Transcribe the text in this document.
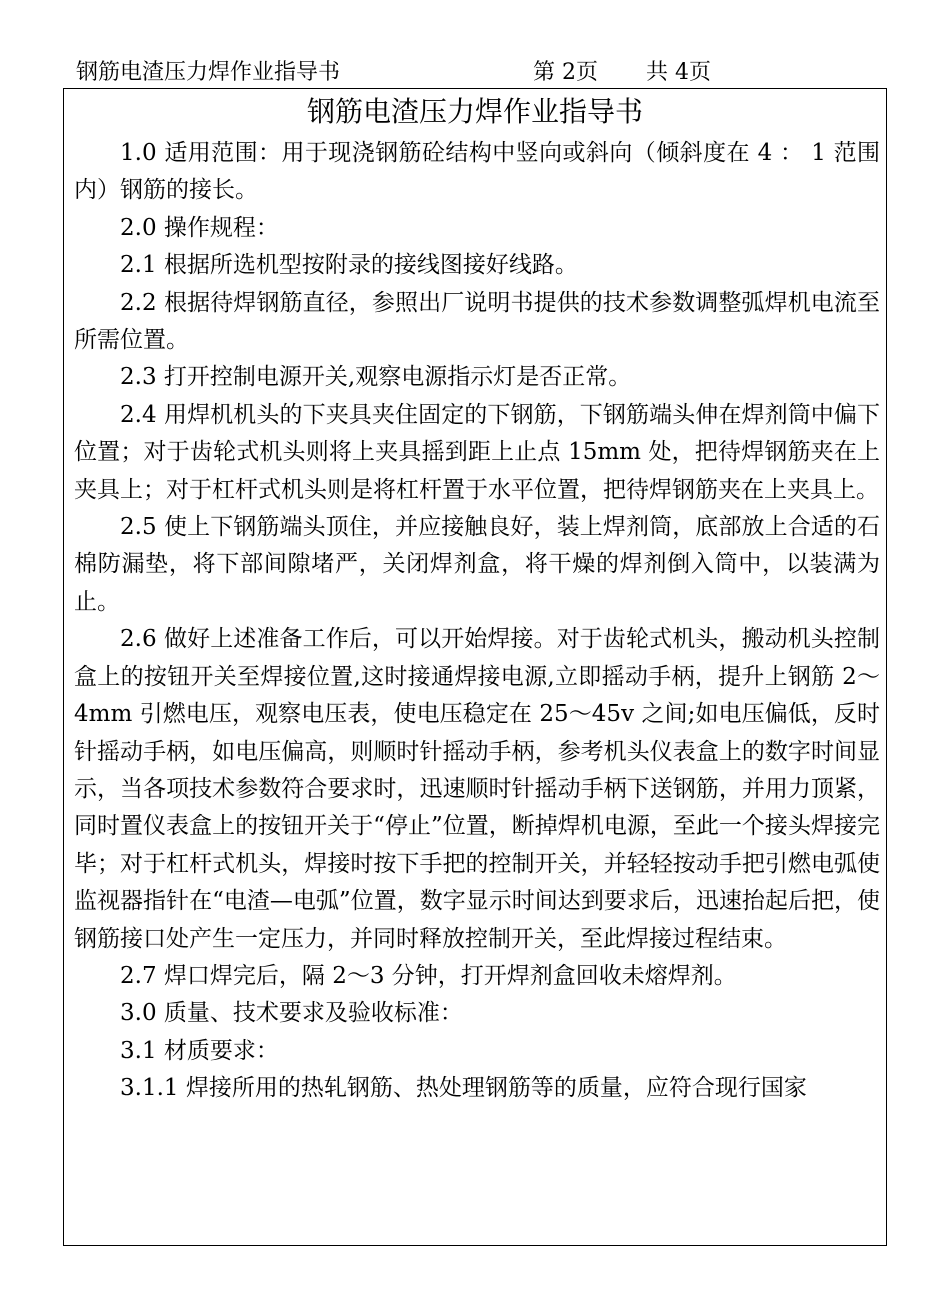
钢筋电渣压力焊作业指导书	第 2页 共 4页
钢筋电渣压力焊作业指导书

1.0 适用范围：用于现浇钢筋砼结构中竖向或斜向（倾斜度在 4 ： 1 范围内）钢筋的接长。

2.0 操作规程：

2.1 根据所选机型按附录的接线图接好线路。

2.2 根据待焊钢筋直径，参照出厂说明书提供的技术参数调整弧焊机电流至所需位置。

2.3 打开控制电源开关,观察电源指示灯是否正常。

2.4 用焊机机头的下夹具夹住固定的下钢筋，下钢筋端头伸在焊剂筒中偏下位置；对于齿轮式机头则将上夹具摇到距上止点 15mm 处，把待焊钢筋夹在上夹具上；对于杠杆式机头则是将杠杆置于水平位置，把待焊钢筋夹在上夹具上。

2.5 使上下钢筋端头顶住，并应接触良好，装上焊剂筒，底部放上合适的石棉防漏垫，将下部间隙堵严，关闭焊剂盒，将干燥的焊剂倒入筒中，以装满为止。

2.6 做好上述准备工作后，可以开始焊接。对于齿轮式机头，搬动机头控制盒上的按钮开关至焊接位置,这时接通焊接电源,立即摇动手柄，提升上钢筋 2～4mm 引燃电压，观察电压表，使电压稳定在 25～45v 之间;如电压偏低，反时针摇动手柄，如电压偏高，则顺时针摇动手柄，参考机头仪表盒上的数字时间显示，当各项技术参数符合要求时，迅速顺时针摇动手柄下送钢筋，并用力顶紧，同时置仪表盒上的按钮开关于“停止”位置，断掉焊机电源，至此一个接头焊接完毕；对于杠杆式机头，焊接时按下手把的控制开关，并轻轻按动手把引燃电弧使监视器指针在“电渣—电弧”位置，数字显示时间达到要求后，迅速抬起后把，使钢筋接口处产生一定压力，并同时释放控制开关，至此焊接过程结束。

2.7 焊口焊完后，隔 2～3 分钟，打开焊剂盒回收未熔焊剂。

3.0 质量、技术要求及验收标准：

3.1 材质要求：

3.1.1 焊接所用的热轧钢筋、热处理钢筋等的质量，应符合现行国家
